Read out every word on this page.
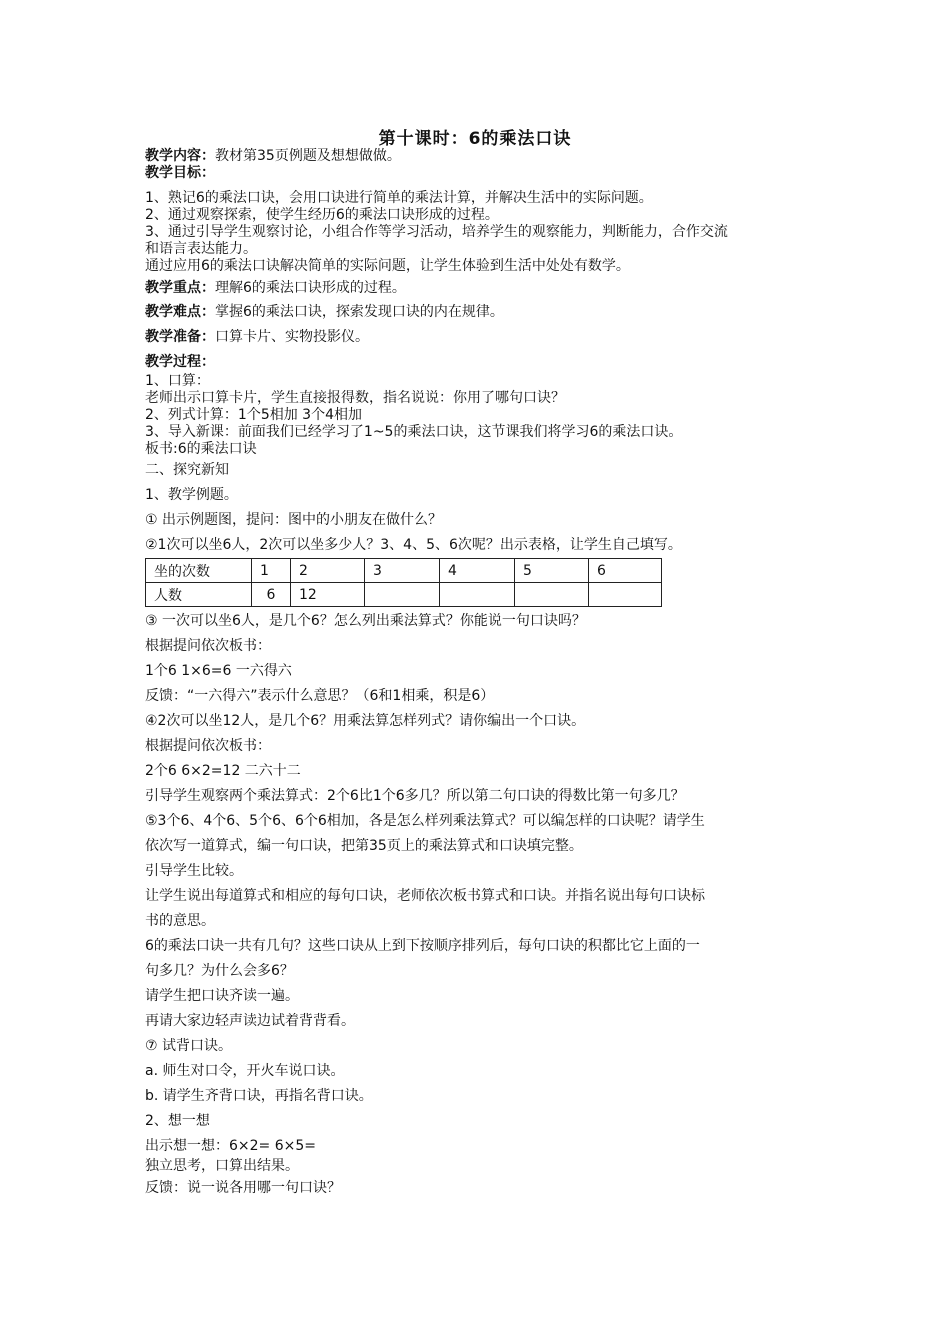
第十课时：6的乘法口诀
教学内容：教材第35页例题及想想做做。
教学目标：
1、熟记6的乘法口诀，会用口诀进行简单的乘法计算，并解决生活中的实际问题。
2、通过观察探索，使学生经历6的乘法口诀形成的过程。
3、通过引导学生观察讨论，小组合作等学习活动，培养学生的观察能力，判断能力，合作交流
和语言表达能力。
通过应用6的乘法口诀解决简单的实际问题，让学生体验到生活中处处有数学。
教学重点：理解6的乘法口诀形成的过程。
教学难点：掌握6的乘法口诀，探索发现口诀的内在规律。
教学准备：口算卡片、实物投影仪。
教学过程：
1、口算：
老师出示口算卡片，学生直接报得数，指名说说：你用了哪句口诀？
2、列式计算：1个5相加 3个4相加
3、导入新课：前面我们已经学习了1~5的乘法口诀，这节课我们将学习6的乘法口诀。
板书:6的乘法口诀
二、探究新知
1、教学例题。
① 出示例题图，提问：图中的小朋友在做什么？
②1次可以坐6人，2次可以坐多少人？3、4、5、6次呢？出示表格，让学生自己填写。
坐的次数	1	2	3	4	5	6
人数	6	12				
③ 一次可以坐6人，是几个6？怎么列出乘法算式？你能说一句口诀吗？
根据提问依次板书：
1个6 1×6=6 一六得六
反馈：“一六得六”表示什么意思？（6和1相乘，积是6）
④2次可以坐12人，是几个6？用乘法算怎样列式？请你编出一个口诀。
根据提问依次板书：
2个6 6×2=12 二六十二
引导学生观察两个乘法算式：2个6比1个6多几？所以第二句口诀的得数比第一句多几？
⑤3个6、4个6、5个6、6个6相加，各是怎么样列乘法算式？可以编怎样的口诀呢？请学生
依次写一道算式，编一句口诀，把第35页上的乘法算式和口诀填完整。
引导学生比较。
让学生说出每道算式和相应的每句口诀，老师依次板书算式和口诀。并指名说出每句口诀标
书的意思。
6的乘法口诀一共有几句？这些口诀从上到下按顺序排列后，每句口诀的积都比它上面的一
句多几？为什么会多6？
请学生把口诀齐读一遍。
再请大家边轻声读边试着背背看。
⑦ 试背口诀。
a. 师生对口令，开火车说口诀。
b. 请学生齐背口诀，再指名背口诀。
2、想一想
出示想一想：6×2= 6×5=
独立思考，口算出结果。
反馈：说一说各用哪一句口诀？
